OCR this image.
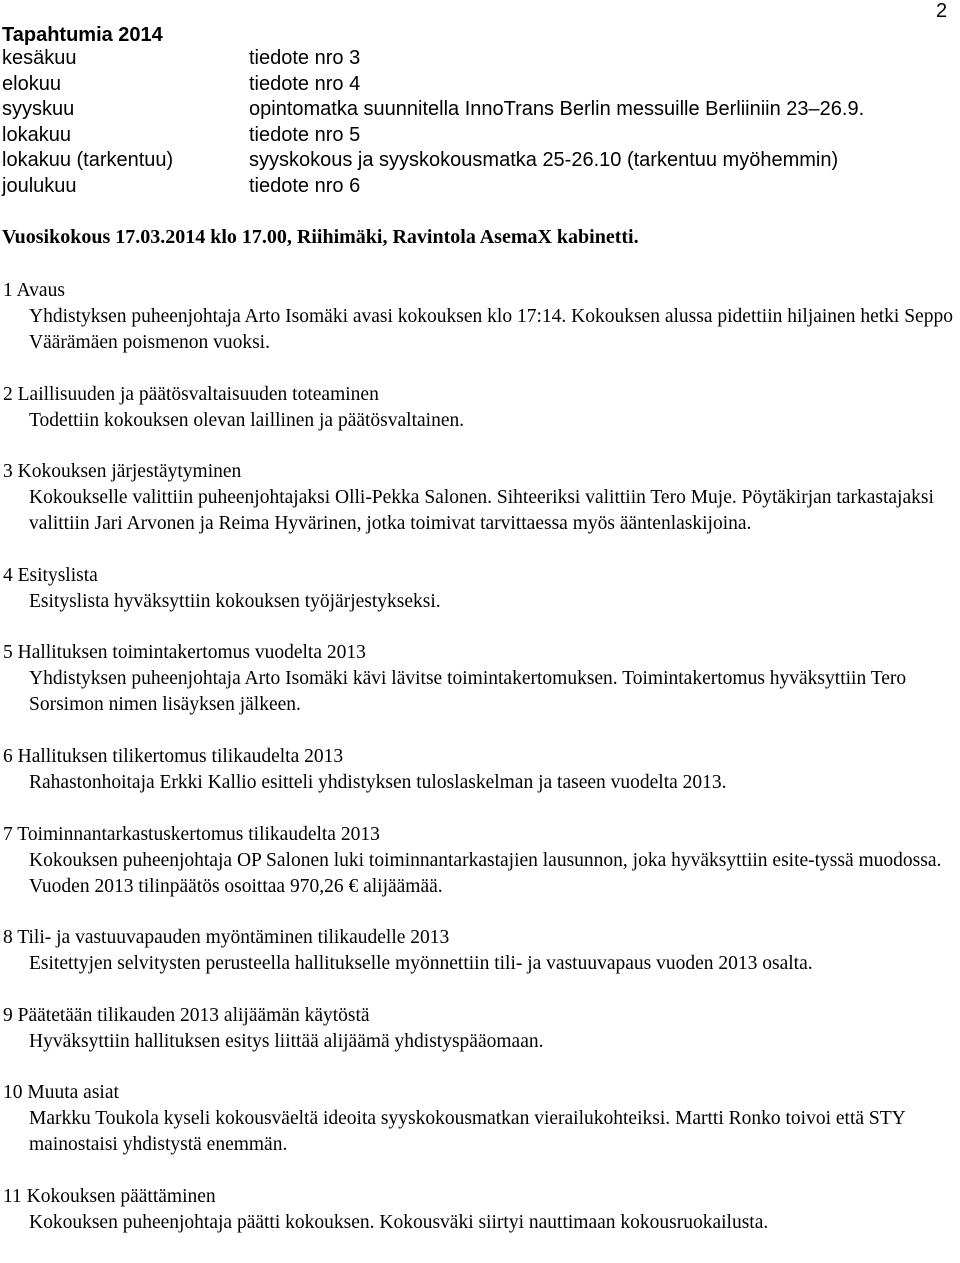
2
Tapahtumia 2014
kesäkuu	tiedote nro 3
elokuu	tiedote nro 4
syyskuu	opintomatka suunnitella InnoTrans Berlin messuille Berliiniin 23–26.9.
lokakuu	tiedote nro 5
lokakuu (tarkentuu)	syyskokous ja syyskokousmatka 25-26.10 (tarkentuu myöhemmin)
joulukuu	tiedote nro 6
Vuosikokous 17.03.2014 klo 17.00, Riihimäki, Ravintola AsemaX kabinetti.
1 Avaus
Yhdistyksen puheenjohtaja Arto Isomäki avasi kokouksen klo 17:14. Kokouksen alussa pidettiin hiljainen hetki Seppo Väärämäen poismenon vuoksi.
2 Laillisuuden ja päätösvaltaisuuden toteaminen
Todettiin kokouksen olevan laillinen ja päätösvaltainen.
3 Kokouksen järjestäytyminen
Kokoukselle valittiin puheenjohtajaksi Olli-Pekka Salonen. Sihteeriksi valittiin Tero Muje. Pöytäkirjan tarkastajaksi valittiin Jari Arvonen ja Reima Hyvärinen, jotka toimivat tarvittaessa myös ääntenlaskijoina.
4 Esityslista
Esityslista hyväksyttiin kokouksen työjärjestykseksi.
5 Hallituksen toimintakertomus vuodelta 2013
Yhdistyksen puheenjohtaja Arto Isomäki kävi lävitse toimintakertomuksen. Toimintakertomus hyväksyttiin Tero Sorsimon nimen lisäyksen jälkeen.
6 Hallituksen tilikertomus tilikaudelta 2013
Rahastonhoitaja Erkki Kallio esitteli yhdistyksen tuloslaskelman ja taseen vuodelta 2013.
7 Toiminnantarkastuskertomus tilikaudelta 2013
Kokouksen puheenjohtaja OP Salonen luki toiminnantarkastajien lausunnon, joka hyväksyttiin esite-tyssä muodossa. Vuoden 2013 tilinpäätös osoittaa 970,26 € alijäämää.
8 Tili- ja vastuuvapauden myöntäminen tilikaudelle 2013
Esitettyjen selvitysten perusteella hallitukselle myönnettiin tili- ja vastuuvapaus vuoden 2013 osalta.
9 Päätetään tilikauden 2013 alijäämän käytöstä
Hyväksyttiin hallituksen esitys liittää alijäämä yhdistyspääomaan.
10 Muuta asiat
Markku Toukola kyseli kokousväeltä ideoita syyskokousmatkan vierailukohteiksi. Martti Ronko toivoi että STY mainostaisi yhdistystä enemmän.
11 Kokouksen päättäminen
Kokouksen puheenjohtaja päätti kokouksen. Kokousväki siirtyi nauttimaan kokousruokailusta.
